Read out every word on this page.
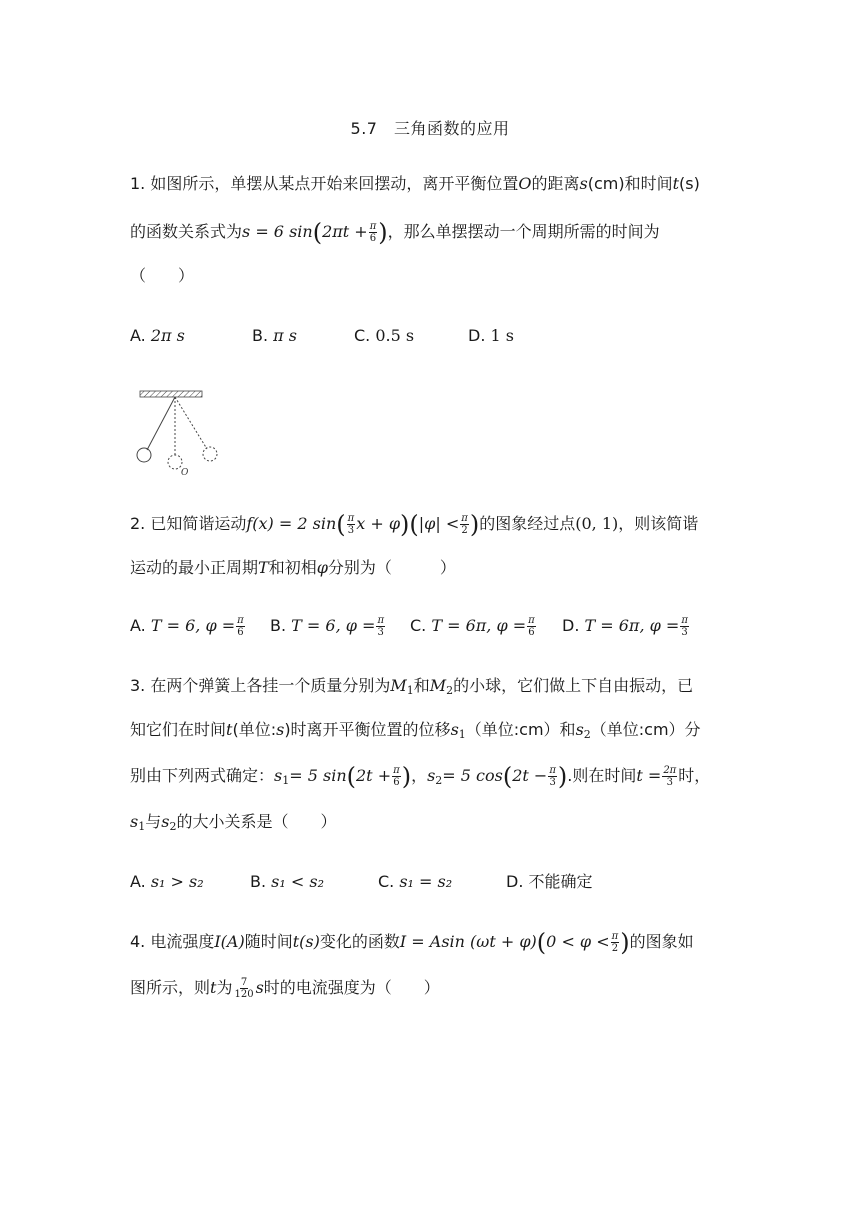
5.7　三角函数的应用
1. 如图所示，单摆从某点开始来回摆动，离开平衡位置O的距离s(cm)和时间t(s)
的函数关系式为s = 6 $\sin(2\pi t + \frac{\pi}{6}$ )，那么单摆摆动一个周期所需的时间为
（　　）
A. 2π s	B. π s	C. 0.5 s	D. 1 s
O
2. 已知简谐运动f(x) = 2 $\sin( \frac{\pi}{3}$ $x + \varphi)(|\varphi| < \frac{\pi}{2}$ )的图象经过点(0, 1)，则该简谐
运动的最小正周期T和初相φ分别为（　　　）
A. T = 6, $\varphi = \frac{\pi}{6} B$. T = 6, $\varphi = \frac{\pi}{3} C$. T = 6π, $\varphi = \frac{\pi}{6} D$. T = 6π, $\varphi = \frac{\pi}{3}$
3. 在两个弹簧上各挂一个质量分别为$M_1$和$M_2$的小球，它们做上下自由振动，已
知它们在时间t(单位:s)时离开平衡位置的位移$s_1$（单位:cm）和$s_2$（单位:cm）分
别由下列两式确定：$s_1= 5$ $\sin(2t + \frac{\pi}{6}$ )，$s_2= 5$ $\cos(2t - \frac{\pi}{3}$ ).则在时间$t = \frac{2\pi}{3}$ 时，
$s_1$与$s_2$的大小关系是（　　）
A. s₁ > s₂	B. s₁ < s₂	C. s₁ = s₂	D. 不能确定
4. 电流强度I(A)随时间t(s)变化的函数I = Asin $(\omega t + \varphi)(0 < \varphi < \frac{\pi}{2}$ )的图象如
图所示，则t为 $\frac{7}{120}$ s时的电流强度为（　　）
